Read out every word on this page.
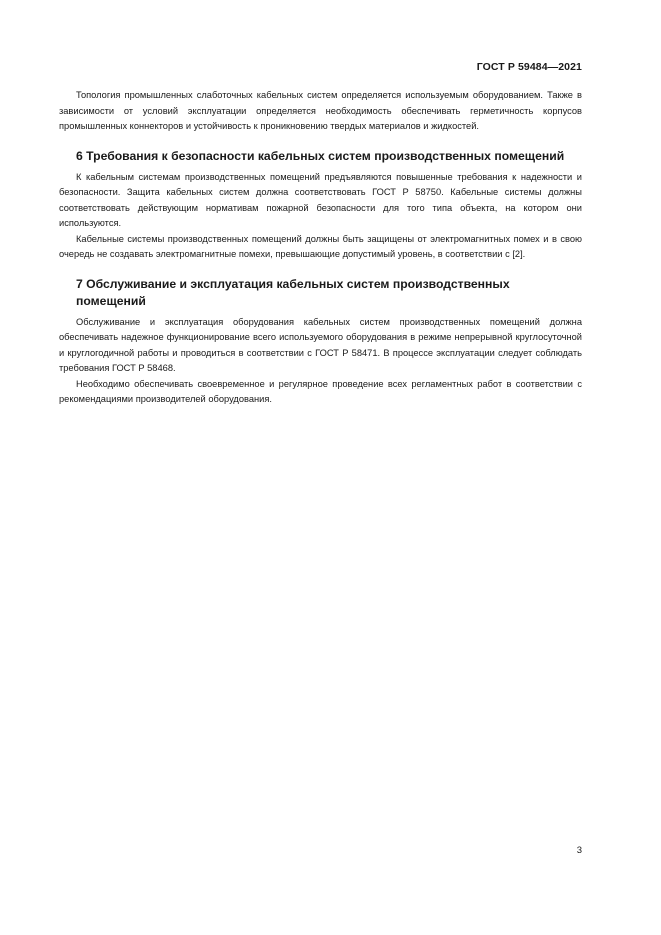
ГОСТ Р 59484—2021

Топология промышленных слаботочных кабельных систем определяется используемым оборудованием. Также в зависимости от условий эксплуатации определяется необходимость обеспечивать герметичность корпусов промышленных коннекторов и устойчивость к проникновению твердых материалов и жидкостей.

6 Требования к безопасности кабельных систем производственных помещений

К кабельным системам производственных помещений предъявляются повышенные требования к надежности и безопасности. Защита кабельных систем должна соответствовать ГОСТ Р 58750. Кабельные системы должны соответствовать действующим нормативам пожарной безопасности для того типа объекта, на котором они используются.

Кабельные системы производственных помещений должны быть защищены от электромагнитных помех и в свою очередь не создавать электромагнитные помехи, превышающие допустимый уровень, в соответствии с [2].

7 Обслуживание и эксплуатация кабельных систем производственных помещений

Обслуживание и эксплуатация оборудования кабельных систем производственных помещений должна обеспечивать надежное функционирование всего используемого оборудования в режиме непрерывной круглосуточной и круглогодичной работы и проводиться в соответствии с ГОСТ Р 58471. В процессе эксплуатации следует соблюдать требования ГОСТ Р 58468.

Необходимо обеспечивать своевременное и регулярное проведение всех регламентных работ в соответствии с рекомендациями производителей оборудования.

3
